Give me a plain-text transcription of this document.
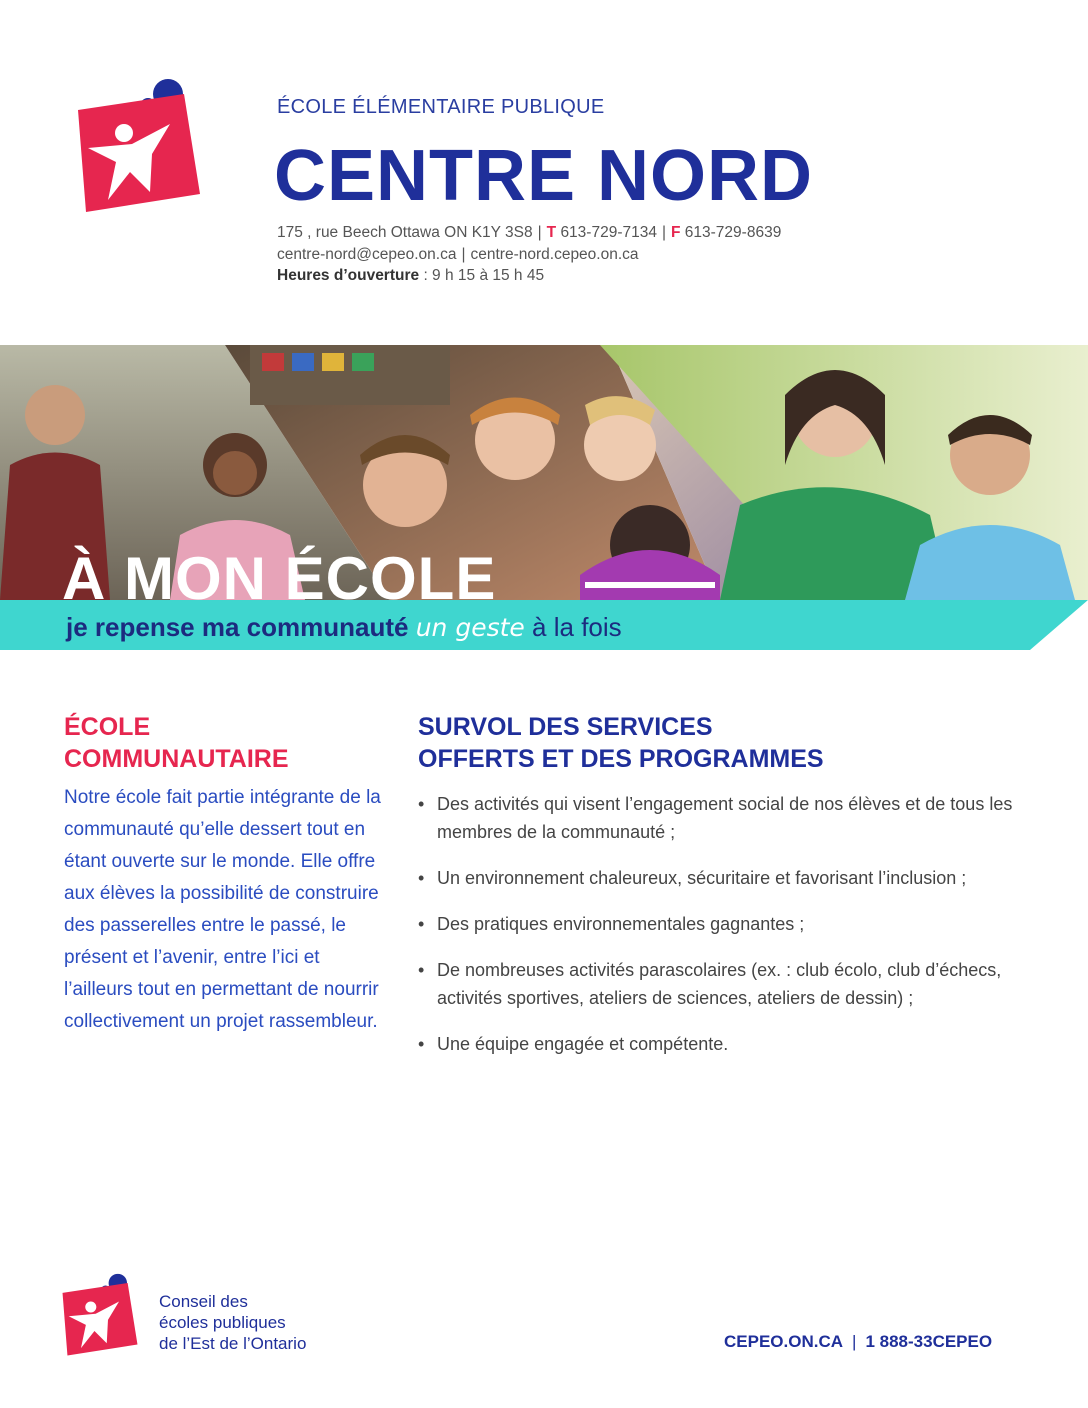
ÉCOLE ÉLÉMENTAIRE PUBLIQUE
CENTRE NORD
175 , rue Beech Ottawa ON K1Y 3S8 | T 613-729-7134 | F 613-729-8639
centre-nord@cepeo.on.ca | centre-nord.cepeo.on.ca
Heures d’ouverture : 9 h 15 à 15 h 45
À MON ÉCOLE
je repense ma communauté un geste à la fois
ÉCOLE
COMMUNAUTAIRE
Notre école fait partie intégrante de la communauté qu’elle dessert tout en étant ouverte sur le monde. Elle offre aux élèves la possibilité de construire des passerelles entre le passé, le présent et l’avenir, entre l’ici et l’ailleurs tout en permettant de nourrir collectivement un projet rassembleur.
SURVOL DES SERVICES
OFFERTS ET DES PROGRAMMES
• Des activités qui visent l’engagement social de nos élèves et de tous les membres de la communauté ;
• Un environnement chaleureux, sécuritaire et favorisant l’inclusion ;
• Des pratiques environnementales gagnantes ;
• De nombreuses activités parascolaires (ex. : club écolo, club d’échecs, activités sportives, ateliers de sciences, ateliers de dessin) ;
• Une équipe engagée et compétente.
Conseil des
écoles publiques
de l’Est de l’Ontario	CEPEO.ON.CA | 1 888-33CEPEO
